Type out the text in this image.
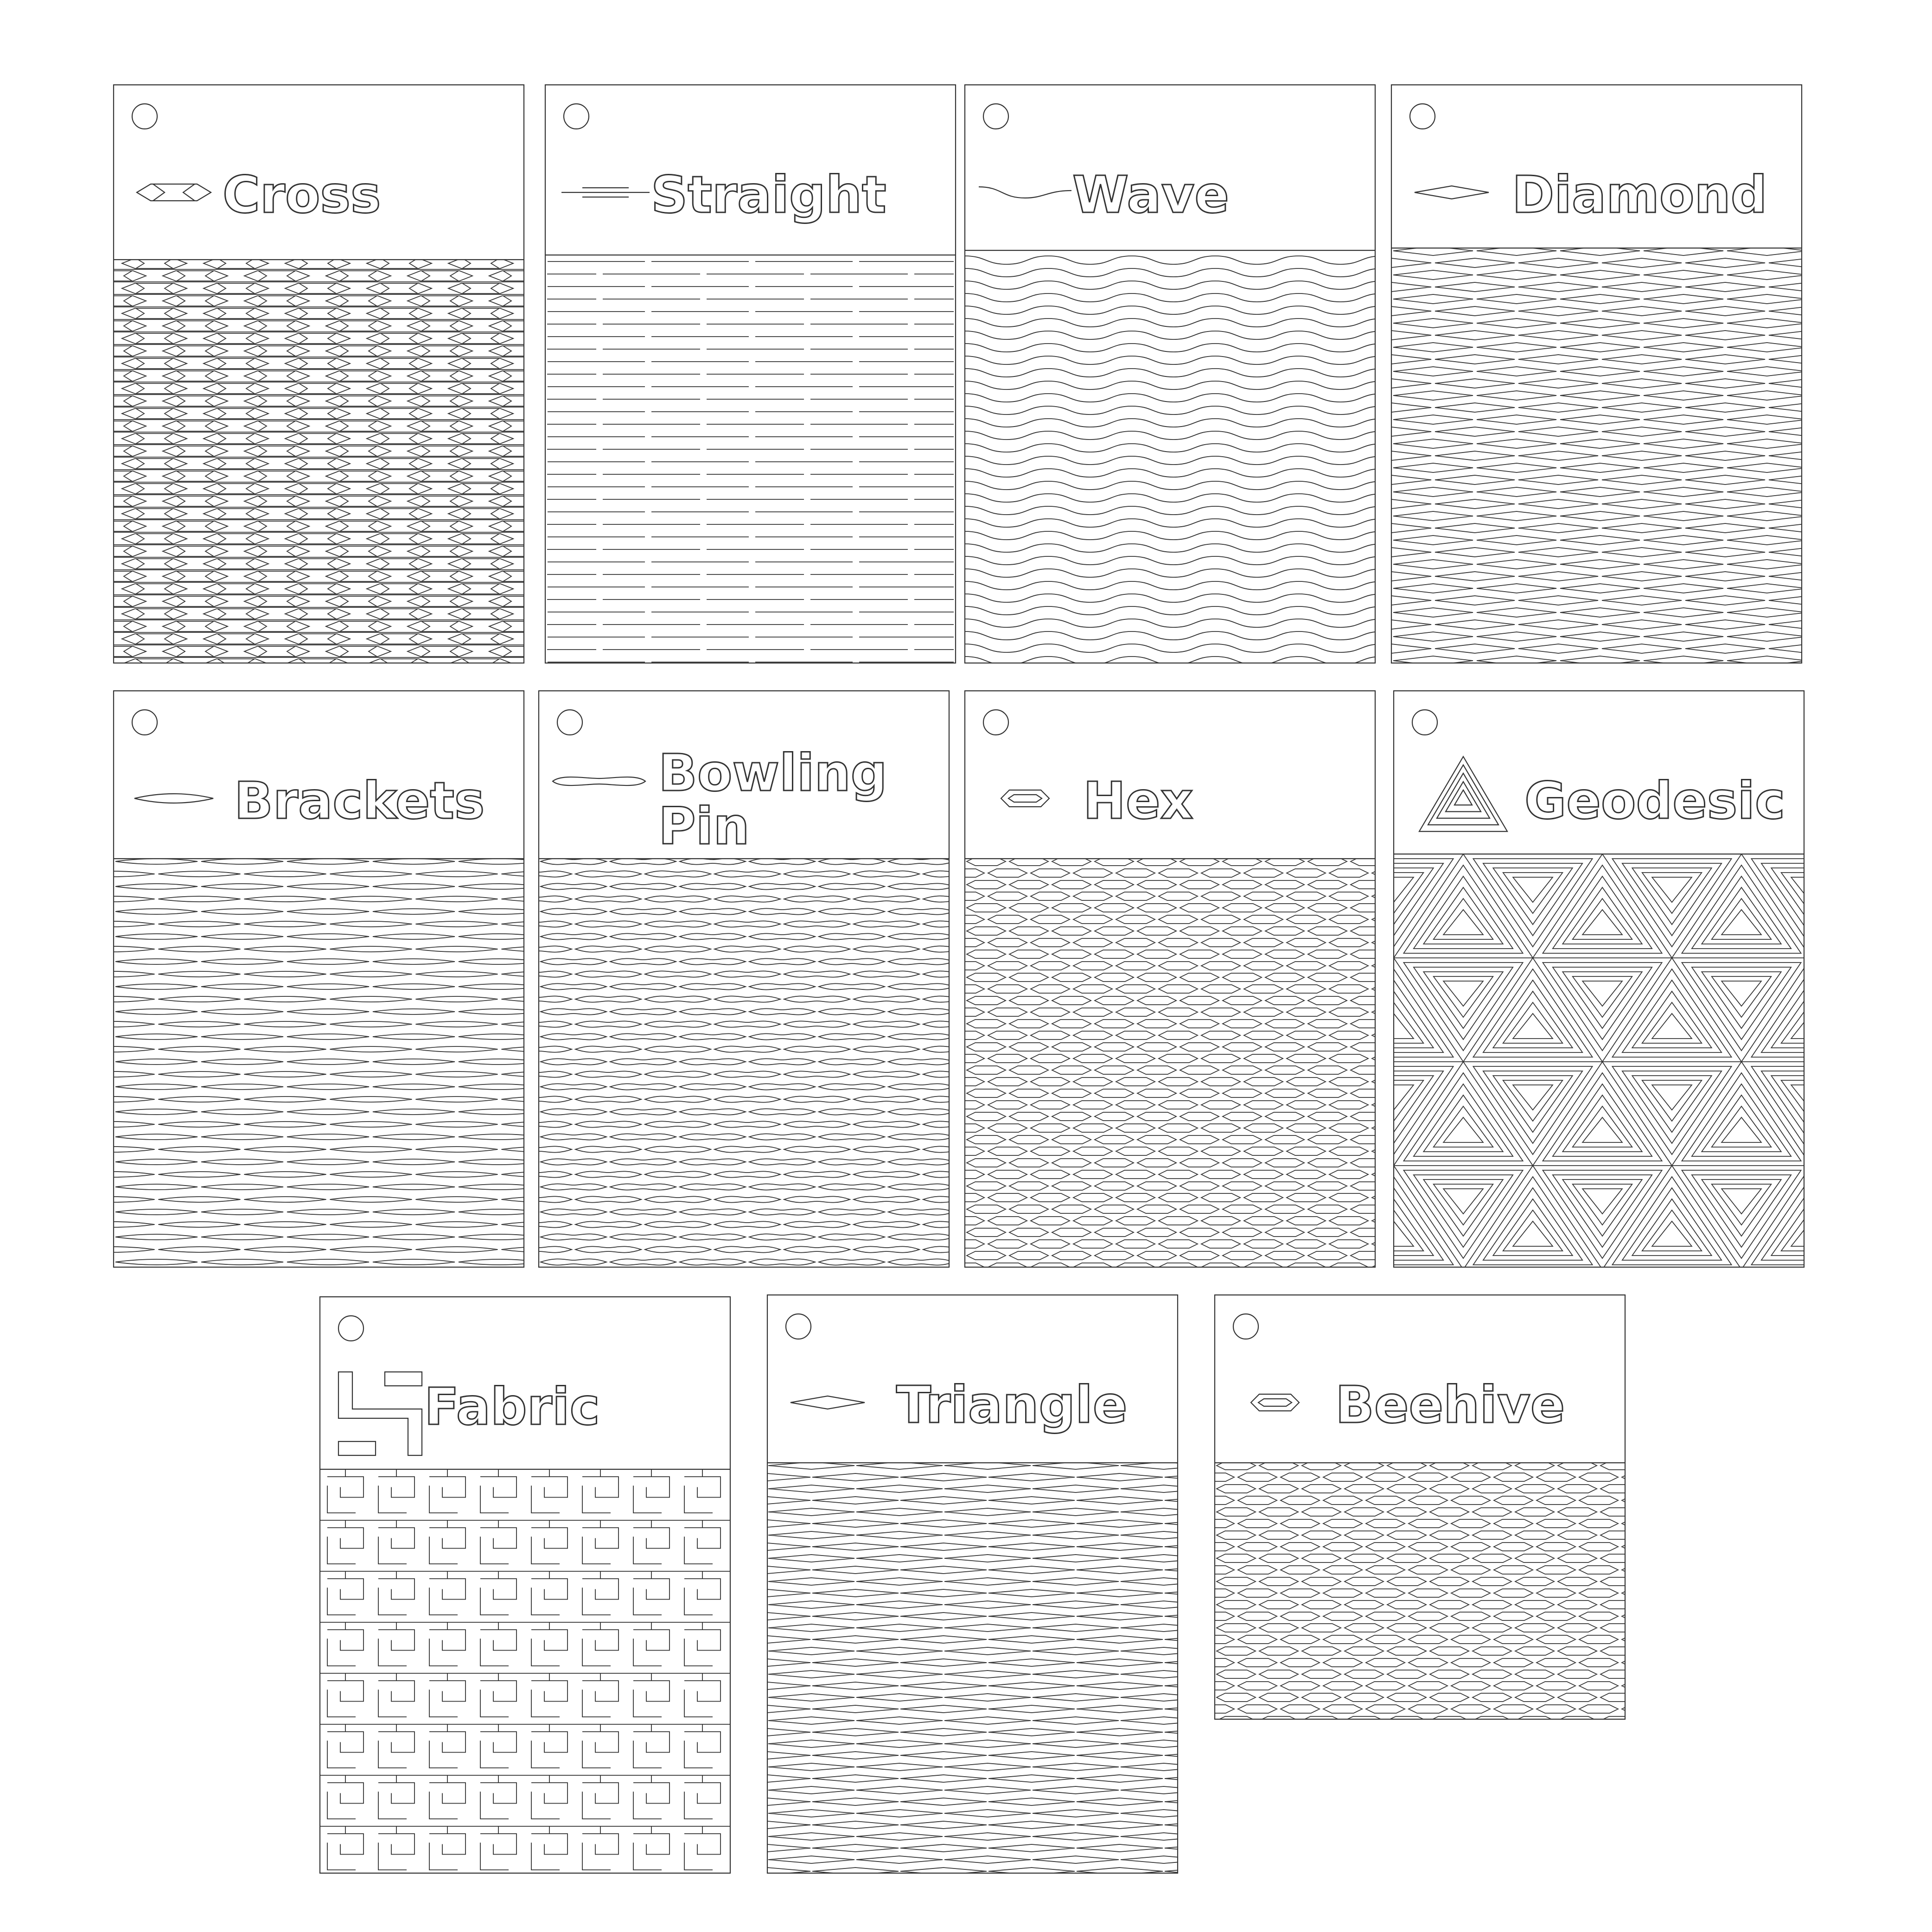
Cross	Straight	Wave	Diamond
Brackets	Bowling
Pin	Hex	Geodesic
Fabric	Triangle	Beehive
